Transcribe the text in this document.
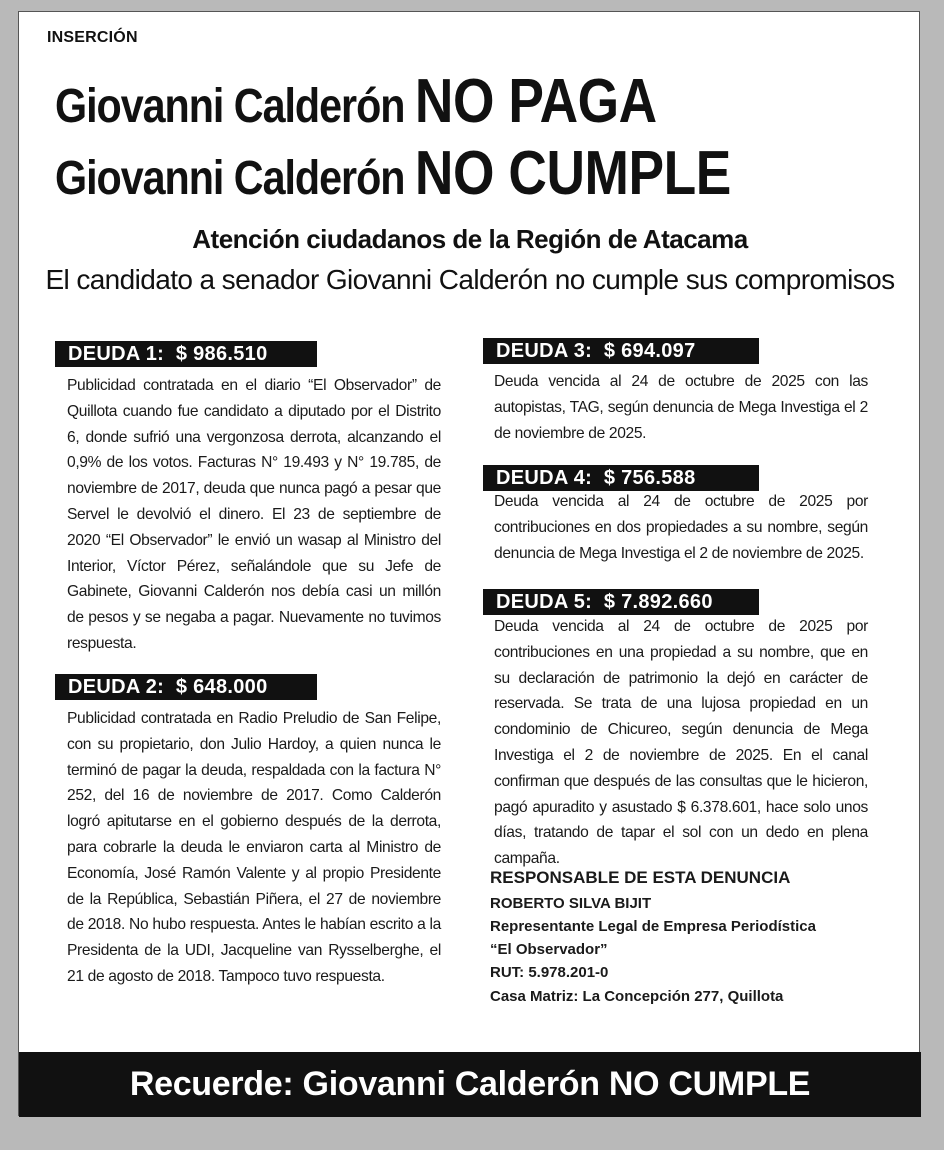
INSERCIÓN
Giovanni Calderón NO PAGA
Giovanni Calderón NO CUMPLE
Atención ciudadanos de la Región de Atacama
El candidato a senador Giovanni Calderón no cumple sus compromisos
DEUDA 1:  $ 986.510
Publicidad contratada en el diario “El Observador” de Quillota cuando fue candidato a diputado por el Distrito 6, donde sufrió una vergonzosa derrota, alcanzando el 0,9% de los votos. Facturas N° 19.493 y N° 19.785, de noviembre de 2017, deuda que nunca pagó a pesar que Servel le devolvió el dinero. El 23 de septiembre de 2020 “El Observador” le envió un wasap al Ministro del Interior, Víctor Pérez, señalándole que su Jefe de Gabinete, Giovanni Calderón nos debía casi un millón de pesos y se negaba a pagar. Nuevamente no tuvimos respuesta.
DEUDA 2:  $ 648.000
Publicidad contratada en Radio Preludio de San Felipe, con su propietario, don Julio Hardoy, a quien nunca le terminó de pagar la deuda, respaldada con la factura N° 252, del 16 de noviembre de 2017. Como Calderón logró apitutarse en el gobierno después de la derrota, para cobrarle la deuda le enviaron carta al Ministro de Economía, José Ramón Valente y al propio Presidente de la República, Sebastián Piñera, el 27 de noviembre de 2018. No hubo respuesta. Antes le habían escrito a la Presidenta de la UDI, Jacqueline van Rysselberghe, el 21 de agosto de 2018. Tampoco tuvo respuesta.
DEUDA 3:  $ 694.097
Deuda vencida al 24 de octubre de 2025 con las autopistas, TAG, según denuncia de Mega Investiga el 2 de noviembre de 2025.
DEUDA 4:  $ 756.588
Deuda vencida al 24 de octubre de 2025 por contribuciones en dos propiedades a su nombre, según denuncia de Mega Investiga el 2 de noviembre de 2025.
DEUDA 5:  $ 7.892.660
Deuda vencida al 24 de octubre de 2025 por contribuciones en una propiedad a su nombre, que en su declaración de patrimonio la dejó en carácter de reservada. Se trata de una lujosa propiedad en un condominio de Chicureo, según denuncia de Mega Investiga el 2 de noviembre de 2025. En el canal confirman que después de las consultas que le hicieron, pagó apuradito y asustado $ 6.378.601, hace solo unos días, tratando de tapar el sol con un dedo en plena campaña.
RESPONSABLE DE ESTA DENUNCIA
ROBERTO SILVA BIJIT
Representante Legal de Empresa Periodística
“El Observador”
RUT: 5.978.201-0
Casa Matriz: La Concepción 277, Quillota
Recuerde: Giovanni Calderón NO CUMPLE
